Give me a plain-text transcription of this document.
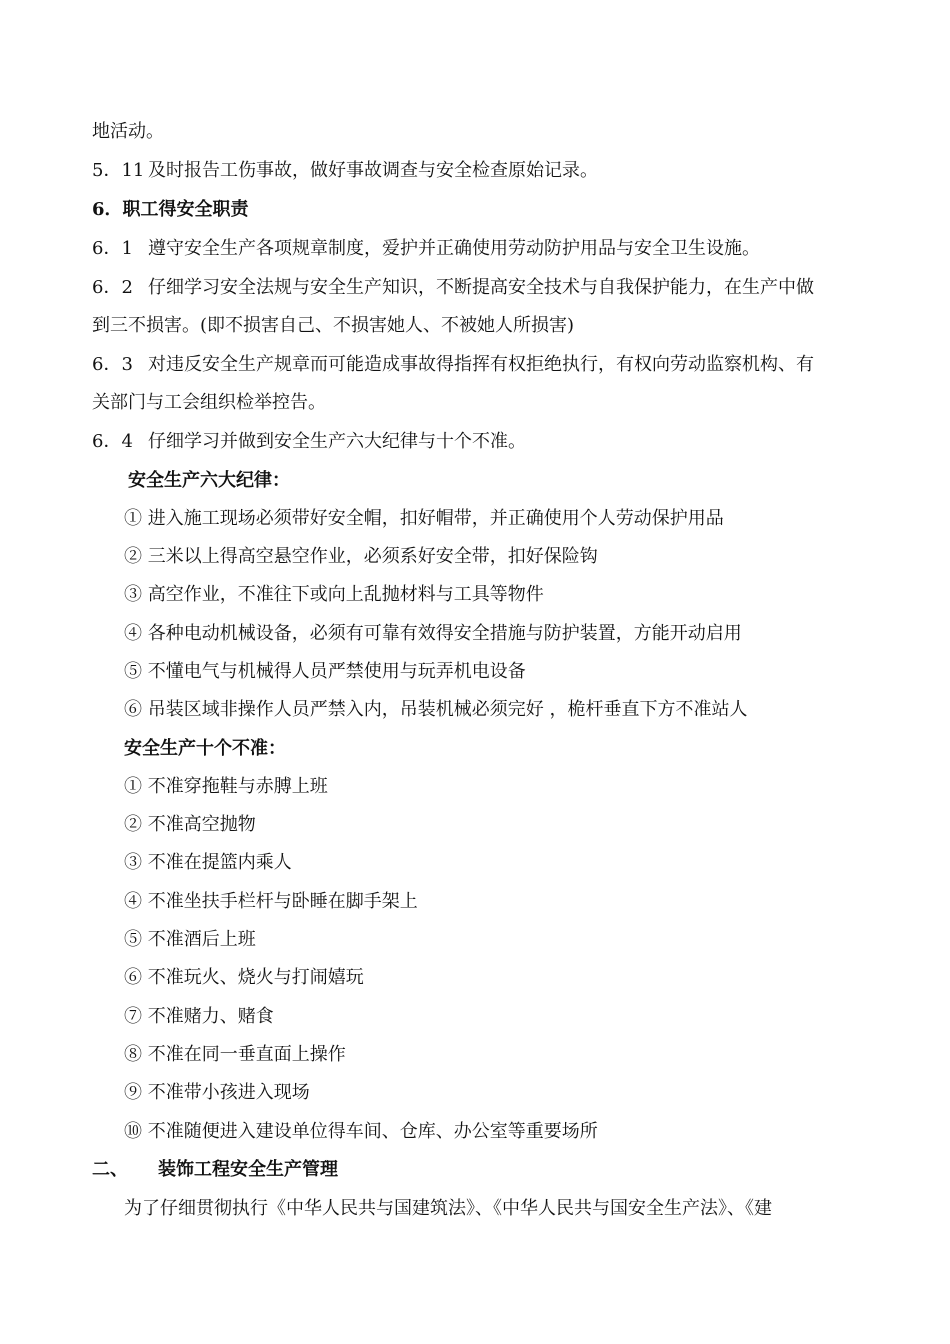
地活动。
5．11 及时报告工伤事故，做好事故调查与安全检查原始记录。
6．职工得安全职责
6．1 遵守安全生产各项规章制度，爱护并正确使用劳动防护用品与安全卫生设施。
6．2 仔细学习安全法规与安全生产知识，不断提高安全技术与自我保护能力，在生产中做
到三不损害。(即不损害自己、不损害她人、不被她人所损害)
6．3 对违反安全生产规章而可能造成事故得指挥有权拒绝执行，有权向劳动监察机构、有
关部门与工会组织检举控告。
6．4 仔细学习并做到安全生产六大纪律与十个不准。
安全生产六大纪律：
① 进入施工现场必须带好安全帽，扣好帽带，并正确使用个人劳动保护用品
② 三米以上得高空悬空作业，必须系好安全带，扣好保险钩
③ 高空作业，不准往下或向上乱抛材料与工具等物件
④ 各种电动机械设备，必须有可靠有效得安全措施与防护装置，方能开动启用
⑤ 不懂电气与机械得人员严禁使用与玩弄机电设备
⑥ 吊装区域非操作人员严禁入内，吊装机械必须完好 ，桅杆垂直下方不准站人
安全生产十个不准：
① 不准穿拖鞋与赤膊上班
② 不准高空抛物
③ 不准在提篮内乘人
④ 不准坐扶手栏杆与卧睡在脚手架上
⑤ 不准酒后上班
⑥ 不准玩火、烧火与打闹嬉玩
⑦ 不准赌力、赌食
⑧ 不准在同一垂直面上操作
⑨ 不准带小孩进入现场
⑩ 不准随便进入建设单位得车间、仓库、办公室等重要场所
二、 装饰工程安全生产管理
为了仔细贯彻执行《中华人民共与国建筑法》、《中华人民共与国安全生产法》、《建
